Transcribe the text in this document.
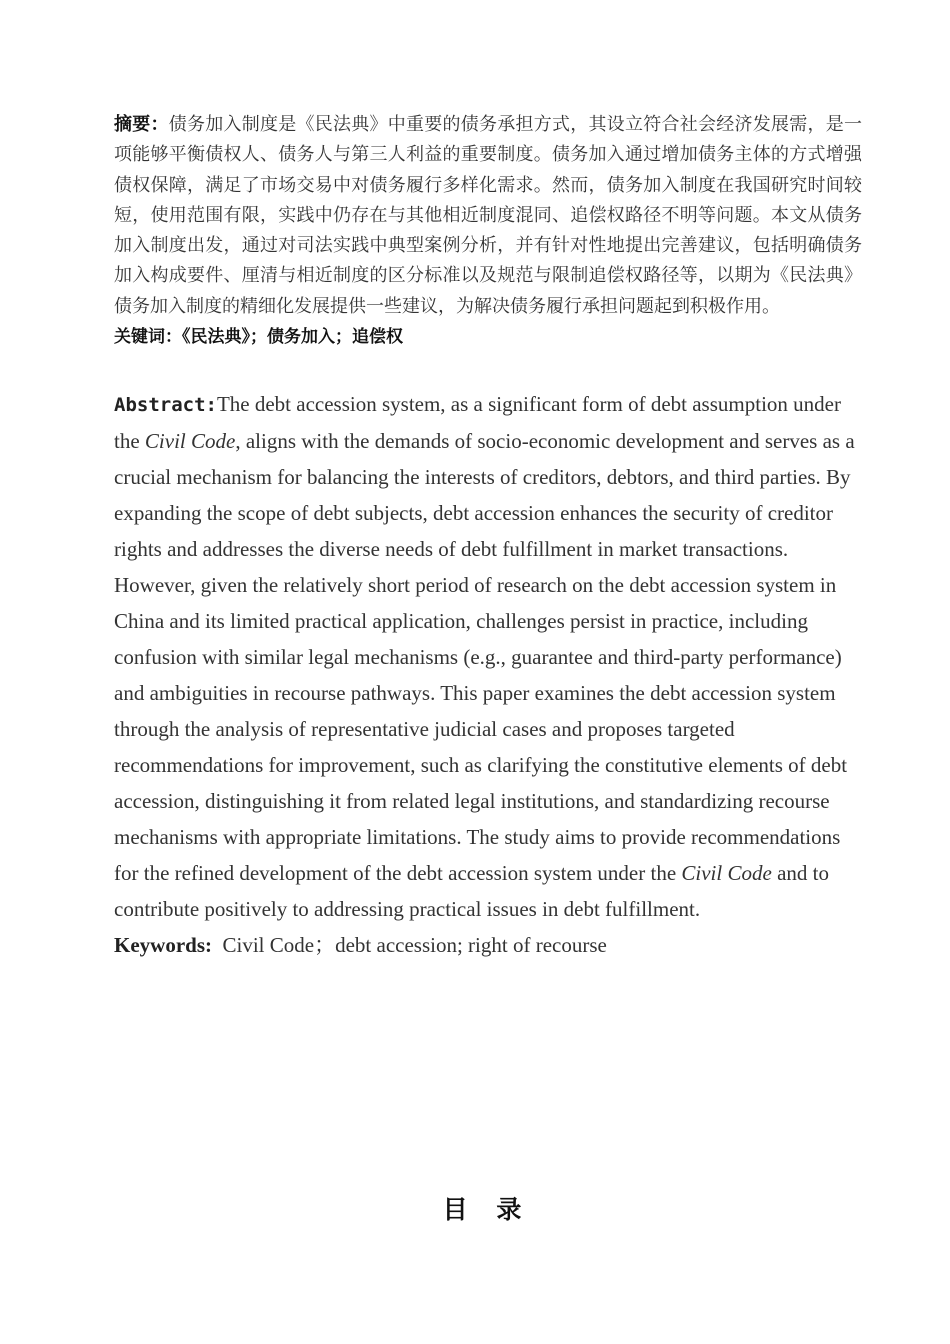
摘要：债务加入制度是《民法典》中重要的债务承担方式，其设立符合社会经济发展需，是一项能够平衡债权人、债务人与第三人利益的重要制度。债务加入通过增加债务主体的方式增强债权保障，满足了市场交易中对债务履行多样化需求。然而，债务加入制度在我国研究时间较短，使用范围有限，实践中仍存在与其他相近制度混同、追偿权路径不明等问题。本文从债务加入制度出发，通过对司法实践中典型案例分析，并有针对性地提出完善建议，包括明确债务加入构成要件、厘清与相近制度的区分标准以及规范与限制追偿权路径等，以期为《民法典》债务加入制度的精细化发展提供一些建议，为解决债务履行承担问题起到积极作用。

关键词：《民法典》；债务加入；追偿权

Abstract:The debt accession system, as a significant form of debt assumption under the Civil Code, aligns with the demands of socio-economic development and serves as a crucial mechanism for balancing the interests of creditors, debtors, and third parties. By expanding the scope of debt subjects, debt accession enhances the security of creditor rights and addresses the diverse needs of debt fulfillment in market transactions. However, given the relatively short period of research on the debt accession system in China and its limited practical application, challenges persist in practice, including confusion with similar legal mechanisms (e.g., guarantee and third-party performance) and ambiguities in recourse pathways. This paper examines the debt accession system through the analysis of representative judicial cases and proposes targeted recommendations for improvement, such as clarifying the constitutive elements of debt accession, distinguishing it from related legal institutions, and standardizing recourse mechanisms with appropriate limitations. The study aims to provide recommendations for the refined development of the debt accession system under the Civil Code and to contribute positively to addressing practical issues in debt fulfillment.

Keywords: Civil Code；debt accession; right of recourse

目 录
